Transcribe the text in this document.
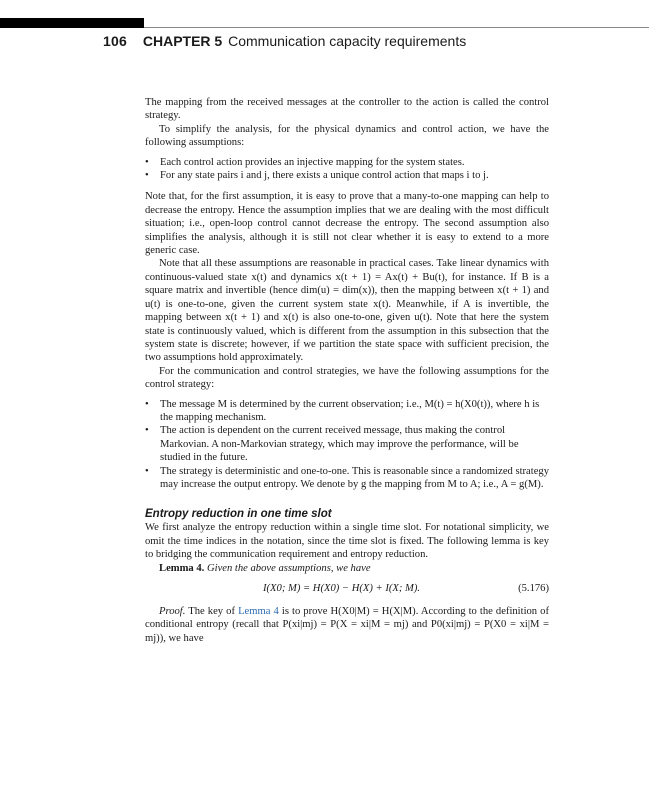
106 CHAPTER 5 Communication capacity requirements

The mapping from the received messages at the controller to the action is called the control strategy.

To simplify the analysis, for the physical dynamics and control action, we have the following assumptions:

• Each control action provides an injective mapping for the system states.
• For any state pairs i and j, there exists a unique control action that maps i to j.

Note that, for the first assumption, it is easy to prove that a many-to-one mapping can help to decrease the entropy. Hence the assumption implies that we are dealing with the most difficult situation; i.e., open-loop control cannot decrease the entropy. The second assumption also simplifies the analysis, although it is still not clear whether it is easy to extend to a more generic case.

Note that all these assumptions are reasonable in practical cases. Take linear dynamics with continuous-valued state x(t) and dynamics x(t + 1) = Ax(t) + Bu(t), for instance. If B is a square matrix and invertible (hence dim(u) = dim(x)), then the mapping between x(t + 1) and u(t) is one-to-one, given the current system state x(t). Meanwhile, if A is invertible, the mapping between x(t + 1) and x(t) is also one-to-one, given u(t). Note that here the system state is continuously valued, which is different from the assumption in this subsection that the system state is discrete; however, if we partition the state space with sufficient precision, the two assumptions hold approximately.

For the communication and control strategies, we have the following assumptions for the control strategy:

• The message M is determined by the current observation; i.e., M(t) = h(X0(t)), where h is the mapping mechanism.
• The action is dependent on the current received message, thus making the control Markovian. A non-Markovian strategy, which may improve the performance, will be studied in the future.
• The strategy is deterministic and one-to-one. This is reasonable since a randomized strategy may increase the output entropy. We denote by g the mapping from M to A; i.e., A = g(M).
Entropy reduction in one time slot

We first analyze the entropy reduction within a single time slot. For notational simplicity, we omit the time indices in the notation, since the time slot is fixed. The following lemma is key to bridging the communication requirement and entropy reduction.

Lemma 4. Given the above assumptions, we have

I(X0; M) = H(X0) − H(X) + I(X; M).	(5.176)

Proof. The key of Lemma 4 is to prove H(X0|M) = H(X|M). According to the definition of conditional entropy (recall that P(xi|mj) = P(X = xi|M = mj) and P0(xi|mj) = P(X0 = xi|M = mj)), we have
